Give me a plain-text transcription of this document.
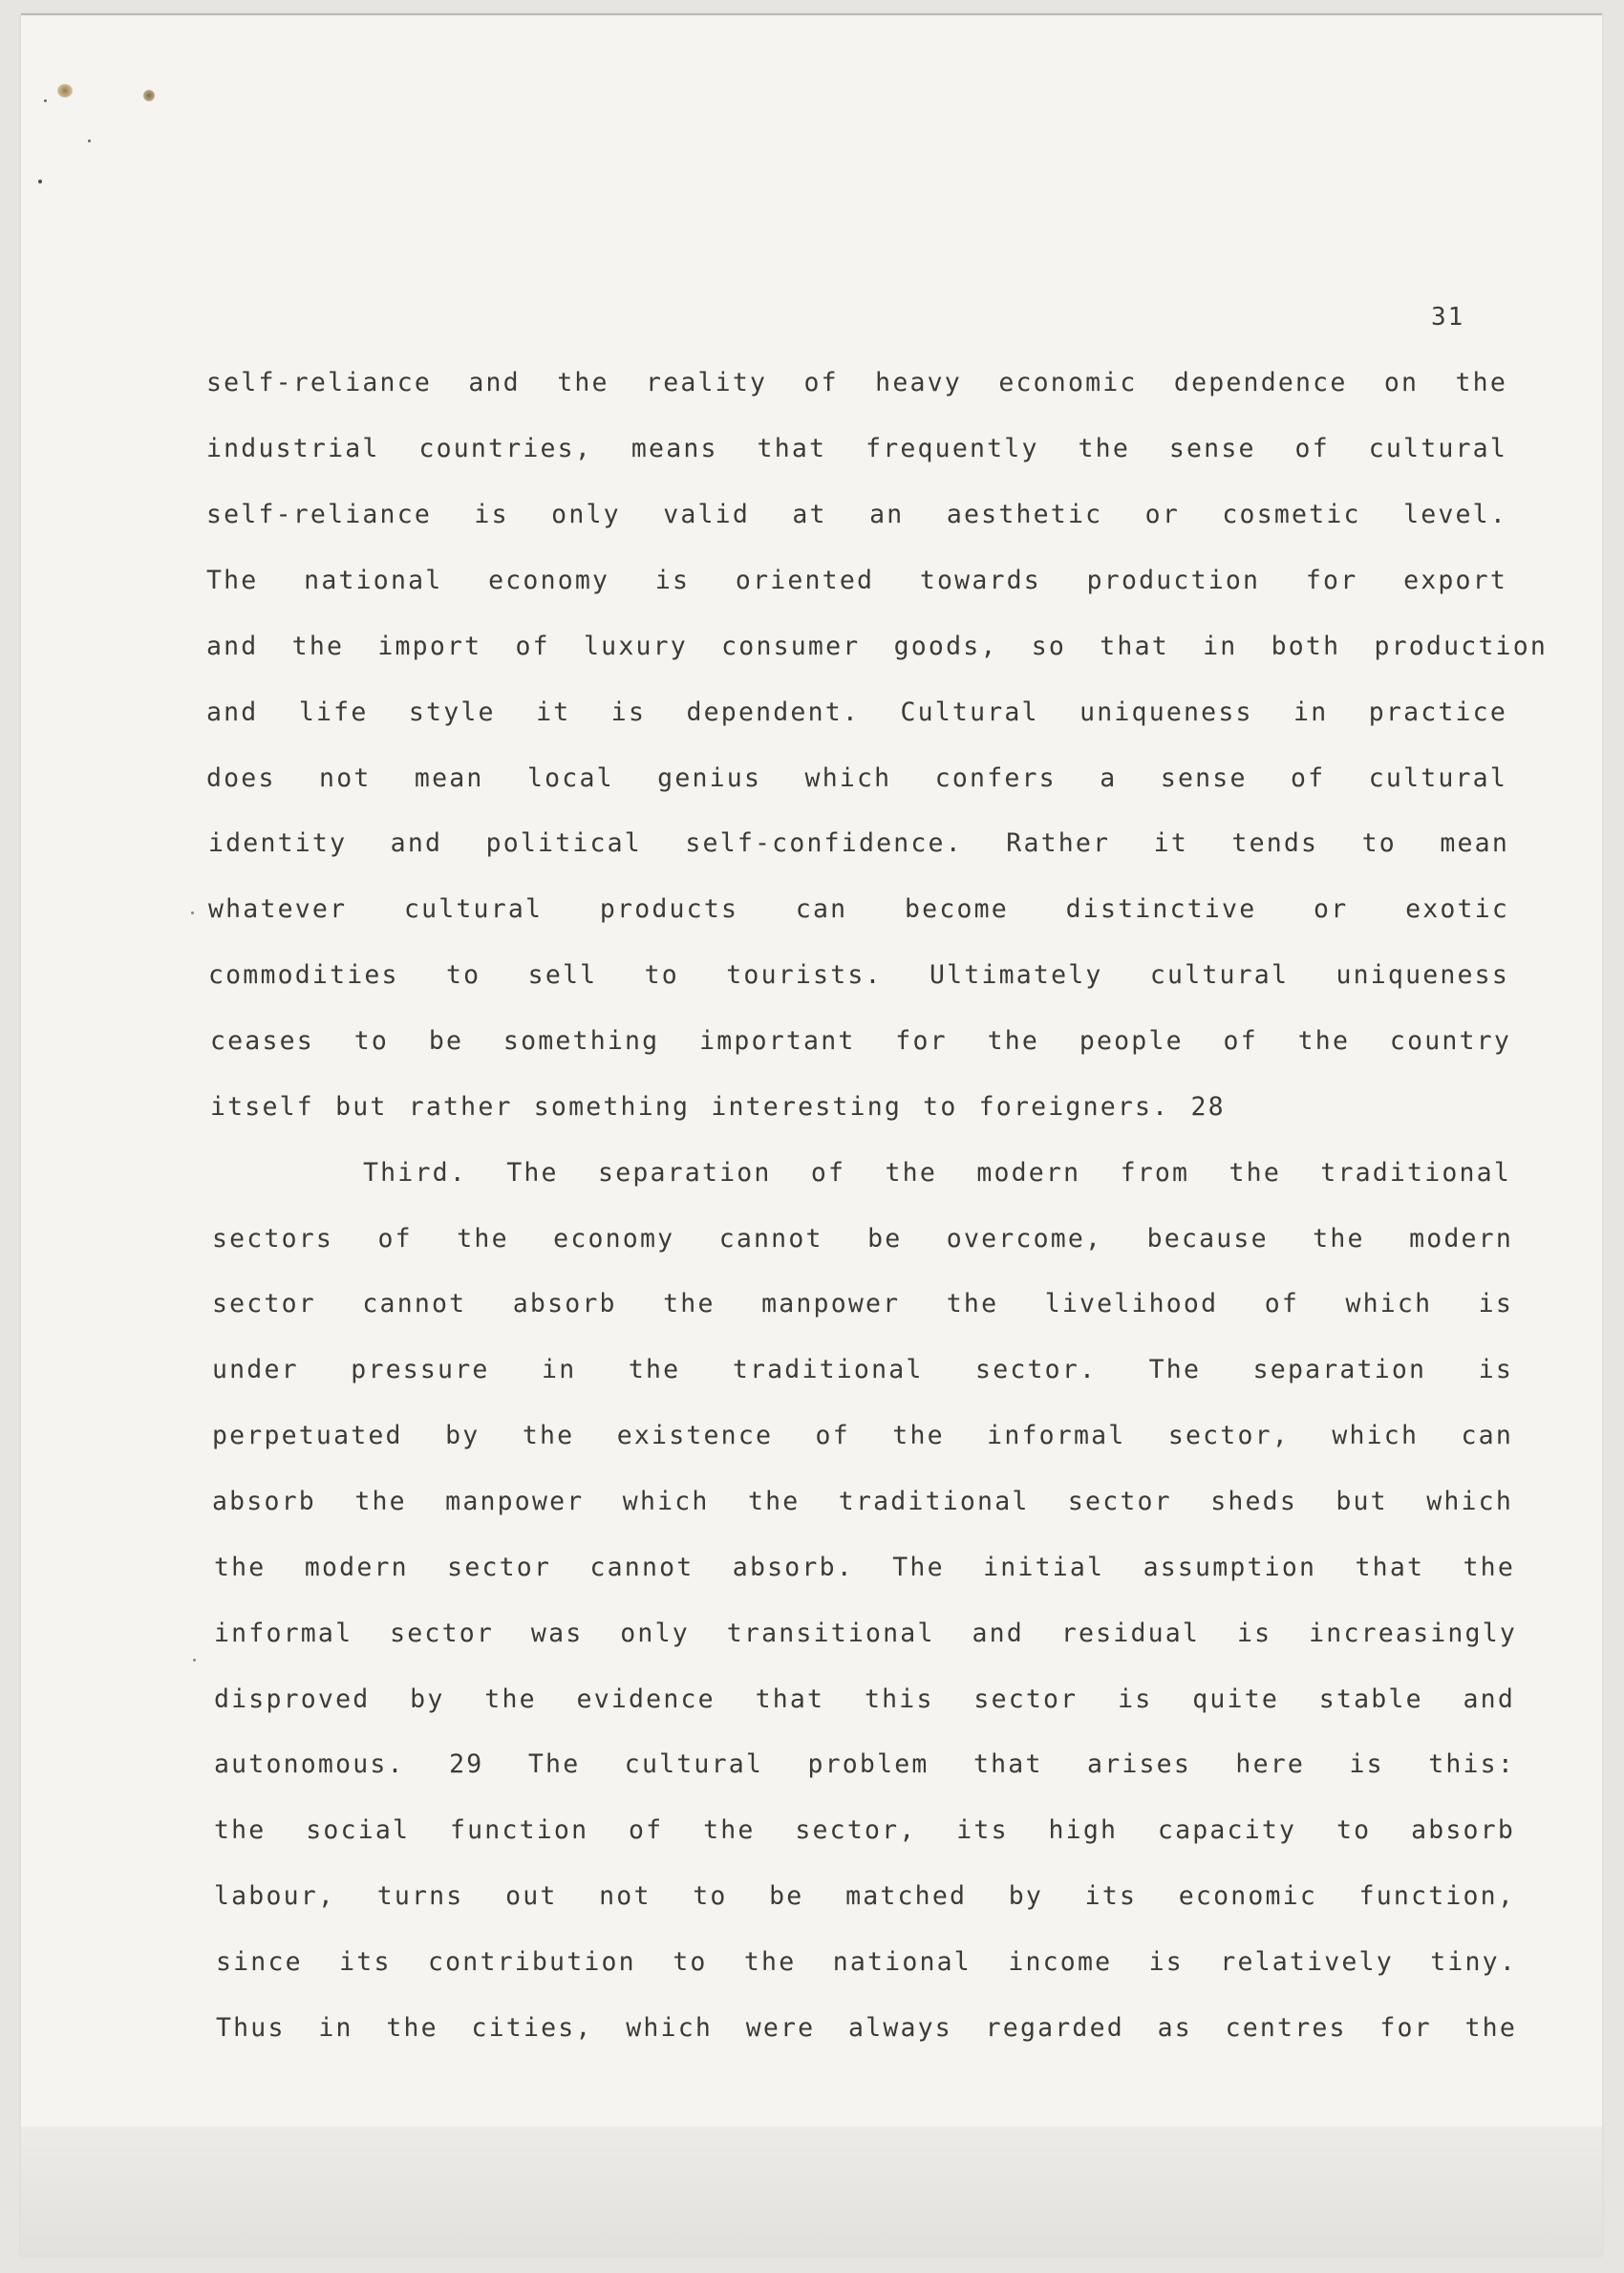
31
self-reliance and the reality of heavy economic dependence on the
industrial countries, means that frequently the sense of cultural
self-reliance is only valid at an aesthetic or cosmetic level.
The national economy is oriented towards production for export
and the import of luxury consumer goods, so that in both production
and life style it is dependent. Cultural uniqueness in practice
does not mean local genius which confers a sense of cultural
identity and political self-confidence. Rather it tends to mean
whatever cultural products can become distinctive or exotic
commodities to sell to tourists. Ultimately cultural uniqueness
ceases to be something important for the people of the country
itself but rather something interesting to foreigners. 28
Third. The separation of the modern from the traditional
sectors of the economy cannot be overcome, because the modern
sector cannot absorb the manpower the livelihood of which is
under pressure in the traditional sector. The separation is
perpetuated by the existence of the informal sector, which can
absorb the manpower which the traditional sector sheds but which
the modern sector cannot absorb. The initial assumption that the
informal sector was only transitional and residual is increasingly
disproved by the evidence that this sector is quite stable and
autonomous. 29 The cultural problem that arises here is this:
the social function of the sector, its high capacity to absorb
labour, turns out not to be matched by its economic function,
since its contribution to the national income is relatively tiny.
Thus in the cities, which were always regarded as centres for the
